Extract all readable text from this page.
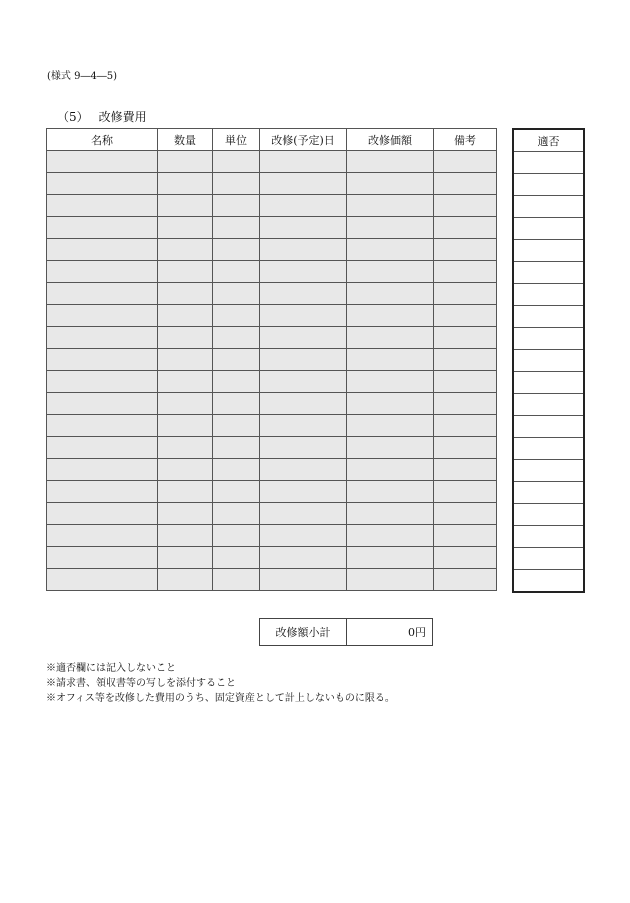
(様式 9―4―5)
（5） 改修費用
名称	数量	単位	改修(予定)日	改修価額	備考

						適否

改修額小計	0円

※適否欄には記入しないこと

※請求書、領収書等の写しを添付すること

※オフィス等を改修した費用のうち、固定資産として計上しないものに限る。
